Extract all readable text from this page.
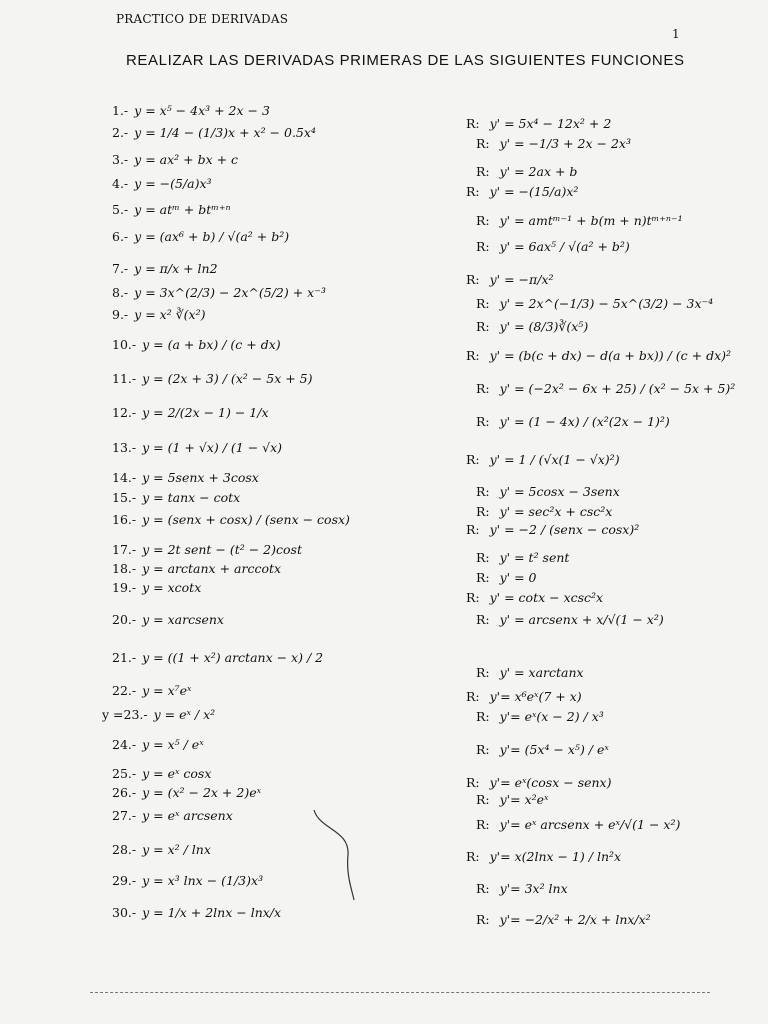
PRACTICO DE DERIVADAS
1
REALIZAR LAS DERIVADAS PRIMERAS DE LAS SIGUIENTES FUNCIONES
1.- y = x⁵ − 4x³ + 2x − 3
2.- y = 1/4 − (1/3)x + x² − 0.5x⁴
3.- y = ax² + bx + c
4.- y = −(5/a)x³
5.- y = atᵐ + btᵐ⁺ⁿ
6.- y = (ax⁶ + b) / √(a² + b²)
7.- y = π/x + ln2
8.- y = 3x^(2/3) − 2x^(5/2) + x⁻³
9.- y = x² ∛(x²)
10.- y = (a + bx) / (c + dx)
11.- y = (2x + 3) / (x² − 5x + 5)
12.- y = 2/(2x − 1) − 1/x
13.- y = (1 + √x) / (1 − √x)
14.- y = 5senx + 3cosx
15.- y = tanx − cotx
16.- y = (senx + cosx) / (senx − cosx)
17.- y = 2t sent − (t² − 2)cost
18.- y = arctanx + arccotx
19.- y = xcotx
20.- y = xarcsenx
21.- y = ((1 + x²) arctanx − x) / 2
22.- y = x⁷eˣ
y =23.- y = eˣ / x²
24.- y = x⁵ / eˣ
25.- y = eˣ cosx
26.- y = (x² − 2x + 2)eˣ
27.- y = eˣ arcsenx
28.- y = x² / lnx
29.- y = x³ lnx − (1/3)x³
30.- y = 1/x + 2lnx − lnx/x
R: y' = 5x⁴ − 12x² + 2
R: y' = −1/3 + 2x − 2x³
R: y' = 2ax + b
R: y' = −(15/a)x²
R: y' = amtᵐ⁻¹ + b(m + n)tᵐ⁺ⁿ⁻¹
R: y' = 6ax⁵ / √(a² + b²)
R: y' = −π/x²
R: y' = 2x^(−1/3) − 5x^(3/2) − 3x⁻⁴
R: y' = (8/3)∛(x⁵)
R: y' = (b(c + dx) − d(a + bx)) / (c + dx)²
R: y' = (−2x² − 6x + 25) / (x² − 5x + 5)²
R: y' = (1 − 4x) / (x²(2x − 1)²)
R: y' = 1 / (√x(1 − √x)²)
R: y' = 5cosx − 3senx
R: y' = sec²x + csc²x
R: y' = −2 / (senx − cosx)²
R: y' = t² sent
R: y' = 0
R: y' = cotx − xcsc²x
R: y' = arcsenx + x/√(1 − x²)
R: y' = xarctanx
R: y'= x⁶eˣ(7 + x)
R: y'= eˣ(x − 2) / x³
R: y'= (5x⁴ − x⁵) / eˣ
R: y'= eˣ(cosx − senx)
R: y'= x²eˣ
R: y'= eˣ arcsenx + eˣ/√(1 − x²)
R: y'= x(2lnx − 1) / ln²x
R: y'= 3x² lnx
R: y'= −2/x² + 2/x + lnx/x²
